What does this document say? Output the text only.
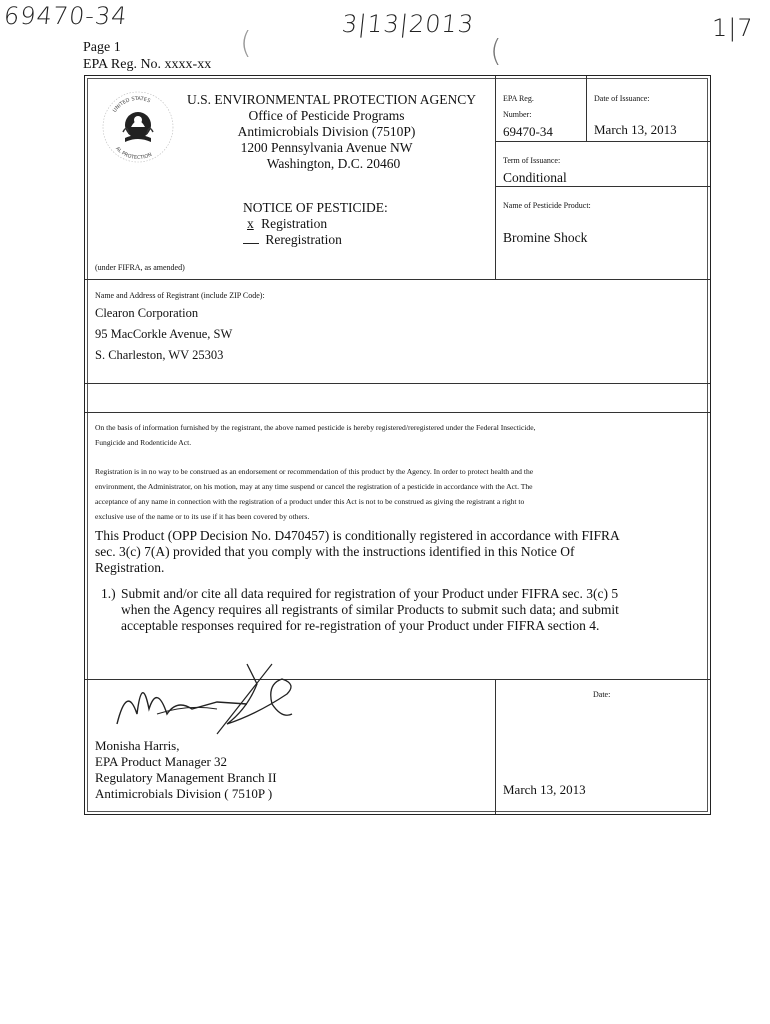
69470-34	3|13|2013	1|7
(	(
Page 1
EPA Reg. No. xxxx-xx
UNITED STATES
AL PROTECTION
U.S. ENVIRONMENTAL PROTECTION AGENCY
Office of Pesticide Programs
Antimicrobials Division (7510P)
1200 Pennsylvania Avenue NW
Washington, D.C. 20460
NOTICE OF PESTICIDE:
x Registration
Reregistration
(under FIFRA, as amended)
EPA Reg.
Number:
69470-34
Date of Issuance:
March 13, 2013
Term of Issuance:
Conditional
Name of Pesticide Product:
Bromine Shock
Name and Address of Registrant (include ZIP Code):
Clearon Corporation
95 MacCorkle Avenue, SW
S. Charleston, WV 25303
On the basis of information furnished by the registrant, the above named pesticide is hereby registered/reregistered under the Federal Insecticide,
Fungicide and Rodenticide Act.
Registration is in no way to be construed as an endorsement or recommendation of this product by the Agency. In order to protect health and the
environment, the Administrator, on his motion, may at any time suspend or cancel the registration of a pesticide in accordance with the Act. The
acceptance of any name in connection with the registration of a product under this Act is not to be construed as giving the registrant a right to
exclusive use of the name or to its use if it has been covered by others.
This Product (OPP Decision No. D470457) is conditionally registered in accordance with FIFRA
sec. 3(c) 7(A) provided that you comply with the instructions identified in this Notice Of
Registration.
1.) Submit and/or cite all data required for registration of your Product under FIFRA sec. 3(c) 5
when the Agency requires all registrants of similar Products to submit such data; and submit
acceptable responses required for re-registration of your Product under FIFRA section 4.
Monisha Harris,
EPA Product Manager 32
Regulatory Management Branch II
Antimicrobials Division ( 7510P )
Date:
March 13, 2013
